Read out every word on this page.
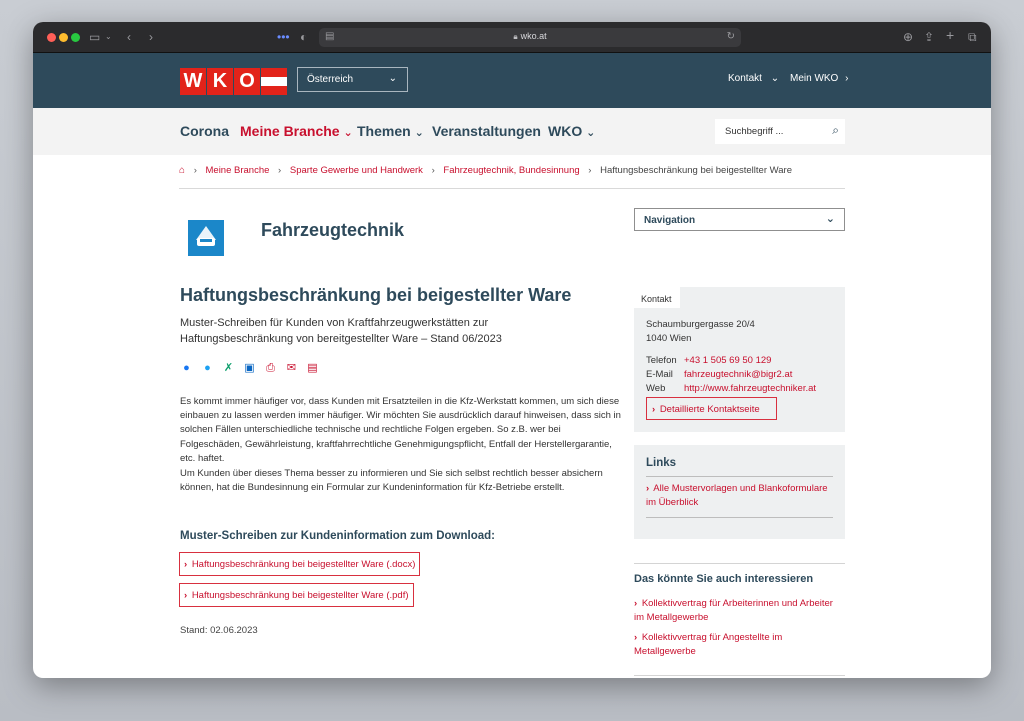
▭ ⌄ ‹ ›	••• ◐ ▤	🔒︎ wko.at	↻	⊕ ⇪ + ⧉
W K O	Österreich	⌄	Kontakt ⌄ Mein WKO ›
Corona Meine Branche ⌄ Themen ⌄ Veranstaltungen WKO ⌄	Suchbegriff ...	⌕
⌂ › Meine Branche › Sparte Gewerbe und Handwerk › Fahrzeugtechnik, Bundesinnung › Haftungsbeschränkung bei beigestellter Ware
Fahrzeugtechnik	Navigation	⌄
Haftungsbeschränkung bei beigestellter Ware
Muster-Schreiben für Kunden von Kraftfahrzeugwerkstätten zur Haftungsbeschränkung von bereitgestellter Ware – Stand 06/2023
● ● ✗ ▣ ⎙ ✉ ▤
Es kommt immer häufiger vor, dass Kunden mit Ersatzteilen in die Kfz-Werkstatt kommen, um sich diese einbauen zu lassen werden immer häufiger. Wir möchten Sie ausdrücklich darauf hinweisen, dass sich in solchen Fällen unterschiedliche technische und rechtliche Folgen ergeben. So z.B. wer bei Folgeschäden, Gewährleistung, kraftfahrrechtliche Genehmigungspflicht, Entfall der Herstellergarantie, etc. haftet.
Um Kunden über dieses Thema besser zu informieren und Sie sich selbst rechtlich besser absichern können, hat die Bundesinnung ein Formular zur Kundeninformation für Kfz-Betriebe erstellt.
Muster-Schreiben zur Kundeninformation zum Download:
› Haftungsbeschränkung bei beigestellter Ware (.docx)
› Haftungsbeschränkung bei beigestellter Ware (.pdf)
Stand: 02.06.2023
Kontakt
Schaumburgergasse 20/4
1040 Wien
Telefon +43 1 505 69 50 129
E-Mail fahrzeugtechnik@bigr2.at
Web http://www.fahrzeugtechniker.at
› Detaillierte Kontaktseite
Links
› Alle Mustervorlagen und Blankoformulare im Überblick
Das könnte Sie auch interessieren
› Kollektivvertrag für Arbeiterinnen und Arbeiter im Metallgewerbe
› Kollektivvertrag für Angestellte im Metallgewerbe
